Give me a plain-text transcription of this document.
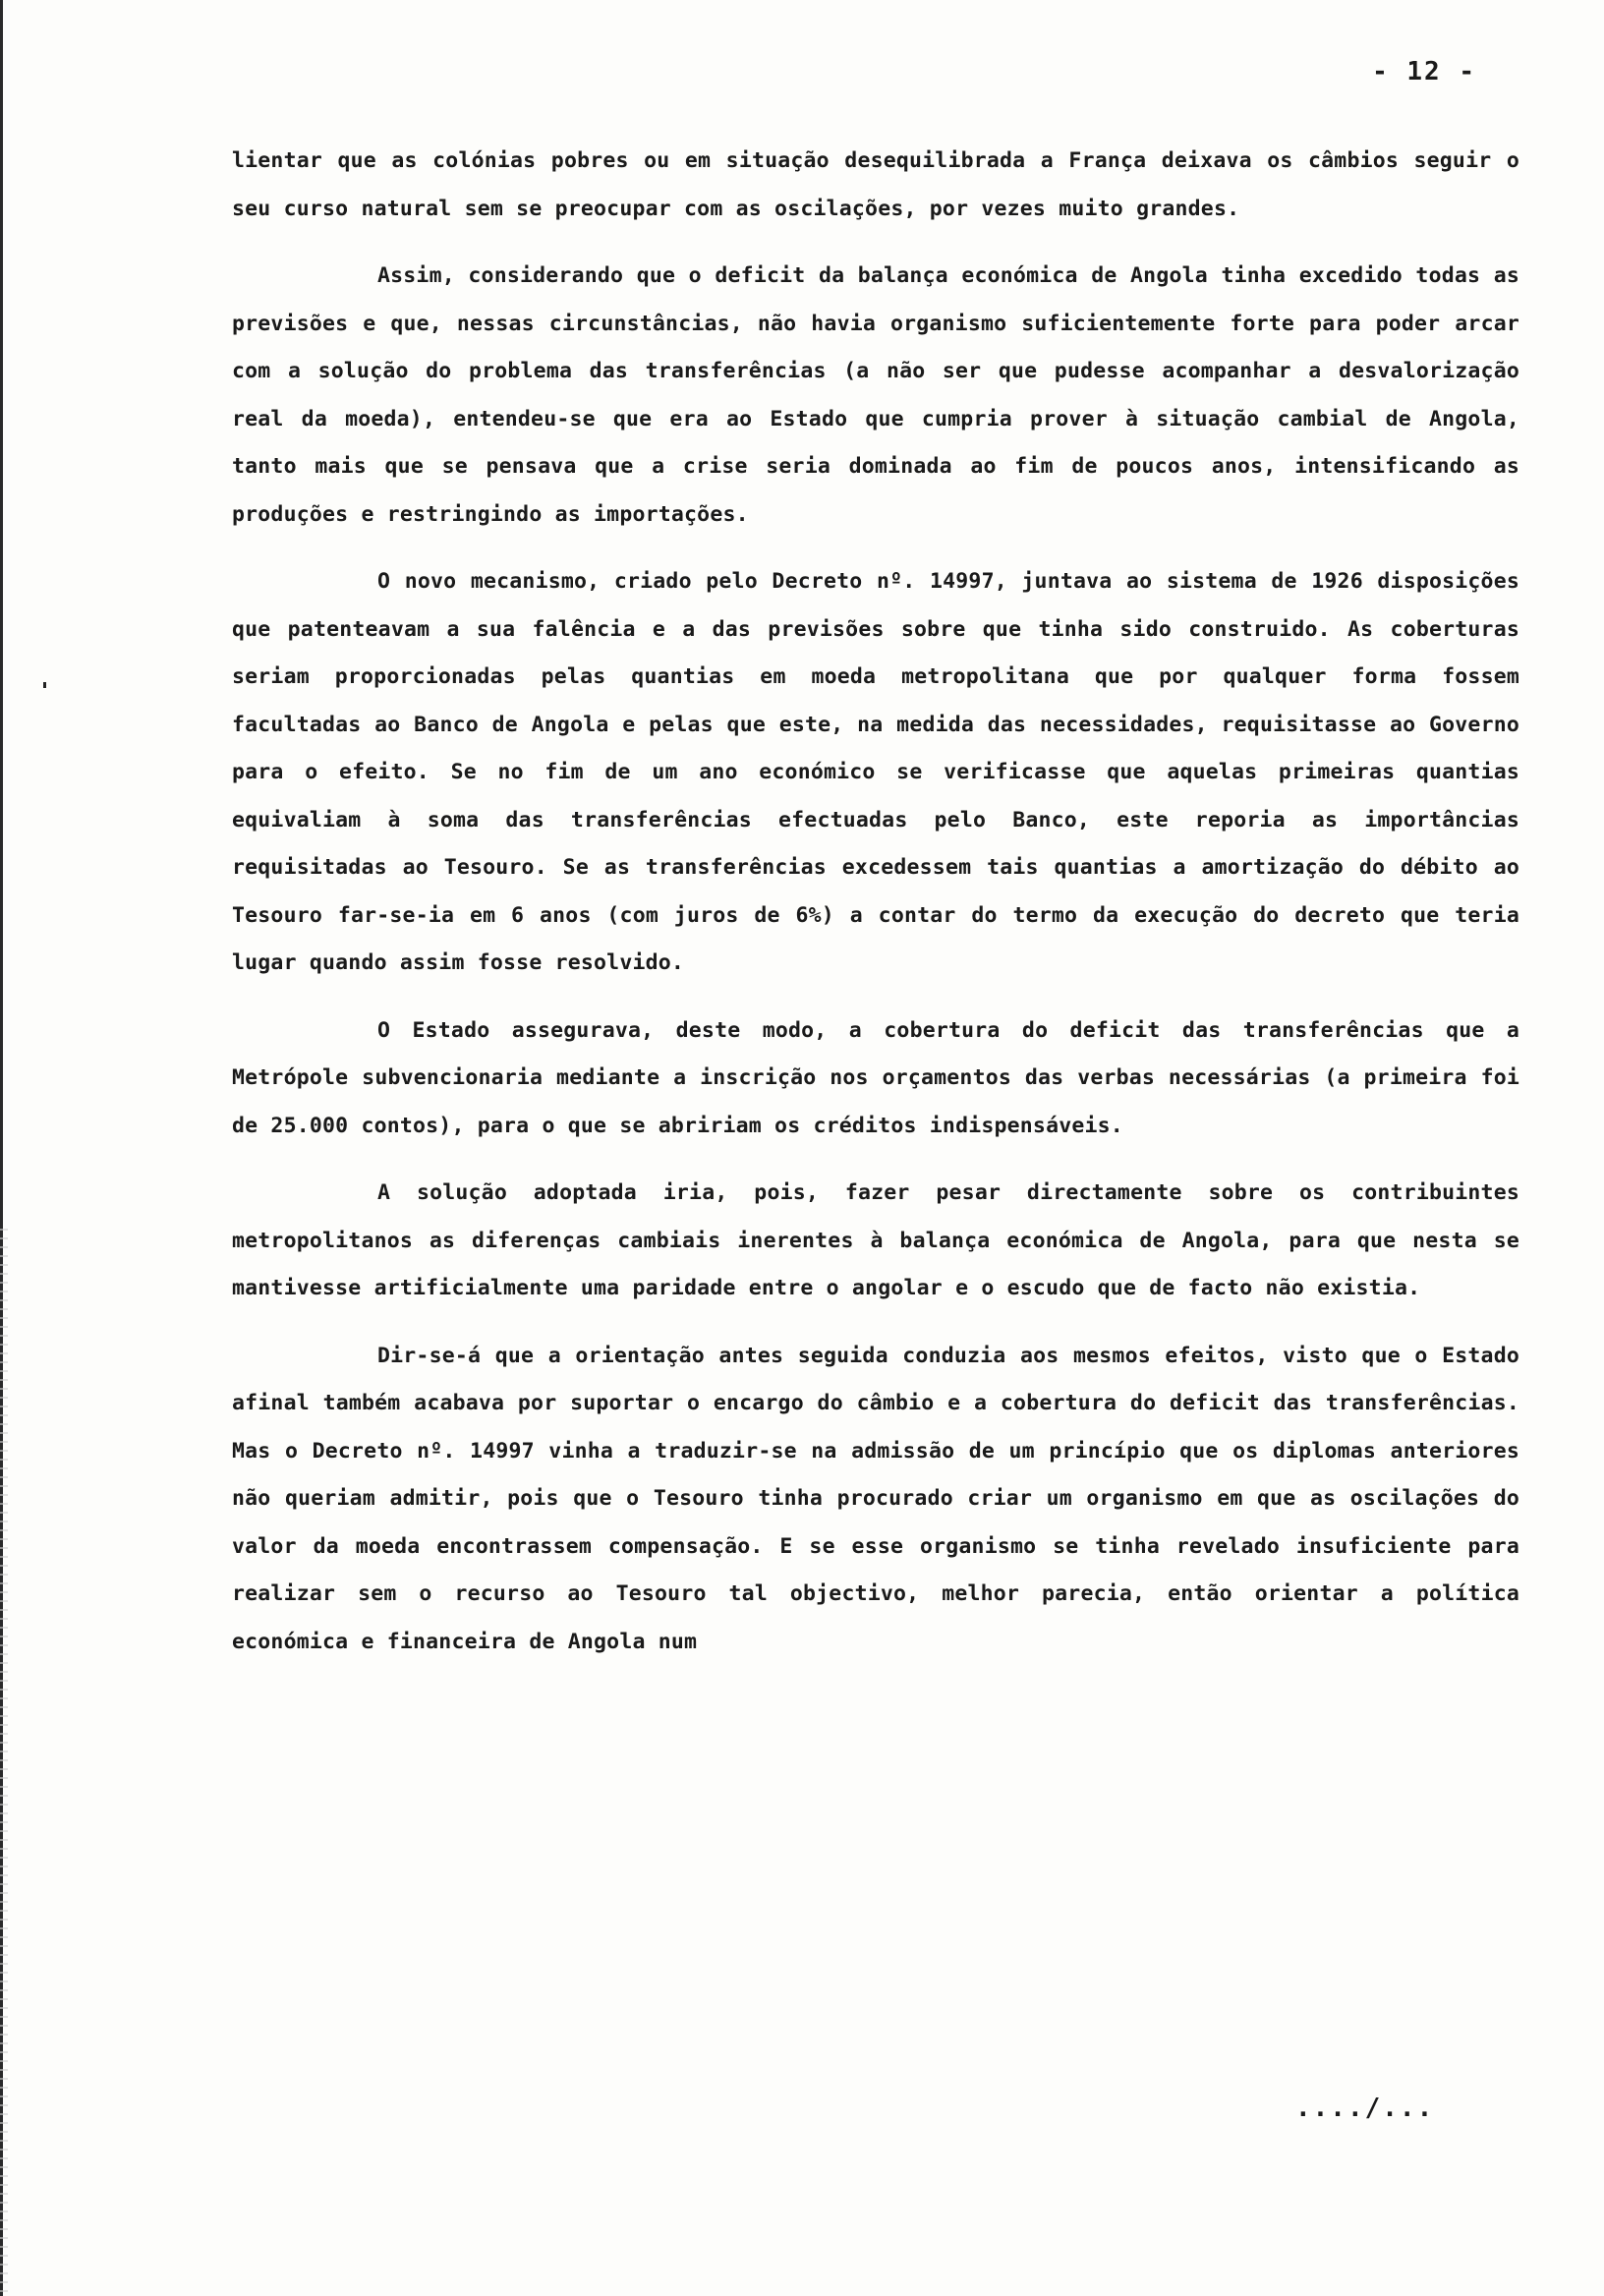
- 12 -

lientar que as colónias pobres ou em situação desequilibrada a França deixava os câmbios seguir o seu curso natural sem se preocupar com as oscilações, por vezes muito grandes.

Assim, considerando que o deficit da balança económica de Angola tinha excedido todas as previsões e que, nessas circunstâncias, não havia organismo suficientemente forte para poder arcar com a solução do problema das transferências (a não ser que pudesse acompanhar a desvalorização real da moeda), entendeu-se que era ao Estado que cumpria prover à situação cambial de Angola, tanto mais que se pensava que a crise seria dominada ao fim de poucos anos, intensificando as produções e restringindo as importações.

O novo mecanismo, criado pelo Decreto nº. 14997, juntava ao sistema de 1926 disposições que patenteavam a sua falência e a das previsões sobre que tinha sido construido. As coberturas seriam proporcionadas pelas quantias em moeda metropolitana que por qualquer forma fossem facultadas ao Banco de Angola e pelas que este, na medida das necessidades, requisitasse ao Governo para o efeito. Se no fim de um ano económico se verificasse que aquelas primeiras quantias equivaliam à soma das transferências efectuadas pelo Banco, este reporia as importâncias requisitadas ao Tesouro. Se as transferências excedessem tais quantias a amortização do débito ao Tesouro far-se-ia em 6 anos (com juros de 6%) a contar do termo da execução do decreto que teria lugar quando assim fosse resolvido.

O Estado assegurava, deste modo, a cobertura do deficit das transferências que a Metrópole subvencionaria mediante a inscrição nos orçamentos das verbas necessárias (a primeira foi de 25.000 contos), para o que se abririam os créditos indispensáveis.

A solução adoptada iria, pois, fazer pesar directamente sobre os contribuintes metropolitanos as diferenças cambiais inerentes à balança económica de Angola, para que nesta se mantivesse artificialmente uma paridade entre o angolar e o escudo que de facto não existia.

Dir-se-á que a orientação antes seguida conduzia aos mesmos efeitos, visto que o Estado afinal também acabava por suportar o encargo do câmbio e a cobertura do deficit das transferências. Mas o Decreto nº. 14997 vinha a traduzir-se na admissão de um princípio que os diplomas anteriores não queriam admitir, pois que o Tesouro tinha procurado criar um organismo em que as oscilações do valor da moeda encontrassem compensação. E se esse organismo se tinha revelado insuficiente para realizar sem o recurso ao Tesouro tal objectivo, melhor parecia, então orientar a política económica e financeira de Angola num

..../...
